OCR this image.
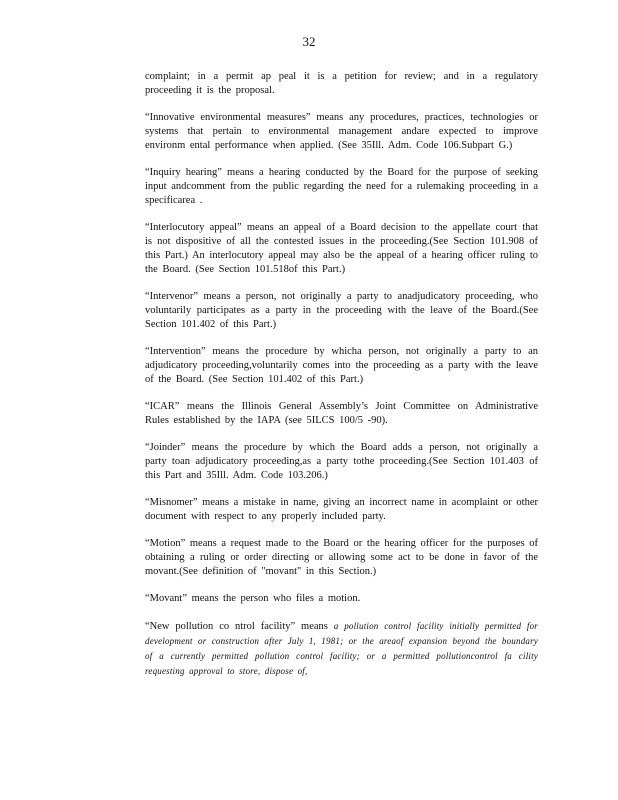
32

complaint; in a permit ap peal it is a petition for review; and in a regulatory proceeding it is the proposal.

“Innovative environmental measures” means any procedures, practices, technologies or systems that pertain to environmental management andare expected to improve environm ental performance when applied. (See 35Ill. Adm. Code 106.Subpart G.)

“Inquiry hearing” means a hearing conducted by the Board for the purpose of seeking input andcomment from the public regarding the need for a rulemaking proceeding in a specificarea .

“Interlocutory appeal” means an appeal of a Board decision to the appellate court that is not dispositive of all the contested issues in the proceeding.(See Section 101.908 of this Part.) An interlocutory appeal may also be the appeal of a hearing officer ruling to the Board. (See Section 101.518of this Part.)

“Intervenor” means a person, not originally a party to anadjudicatory proceeding, who voluntarily participates as a party in the proceeding with the leave of the Board.(See Section 101.402 of this Part.)

“Intervention” means the procedure by whicha person, not originally a party to an adjudicatory proceeding,voluntarily comes into the proceeding as a party with the leave of the Board. (See Section 101.402 of this Part.)

“ICAR” means the Illinois General Assembly’s Joint Committee on Administrative Rules established by the IAPA (see 5ILCS 100/5 -90).

“Joinder” means the procedure by which the Board adds a person, not originally a party toan adjudicatory proceeding,as a party tothe proceeding.(See Section 101.403 of this Part and 35Ill. Adm. Code 103.206.)

“Misnomer” means a mistake in name, giving an incorrect name in acomplaint or other document with respect to any properly included party.

“Motion” means a request made to the Board or the hearing officer for the purposes of obtaining a ruling or order directing or allowing some act to be done in favor of the movant.(See definition of "movant" in this Section.)

“Movant” means the person who files a motion.

“New pollution co ntrol facility” means a pollution control facility initially permitted for development or construction after July 1, 1981; or the areaof expansion beyond the boundary of a currently permitted pollution control facility; or a permitted pollutioncontrol fa cility requesting approval to store, dispose of,
